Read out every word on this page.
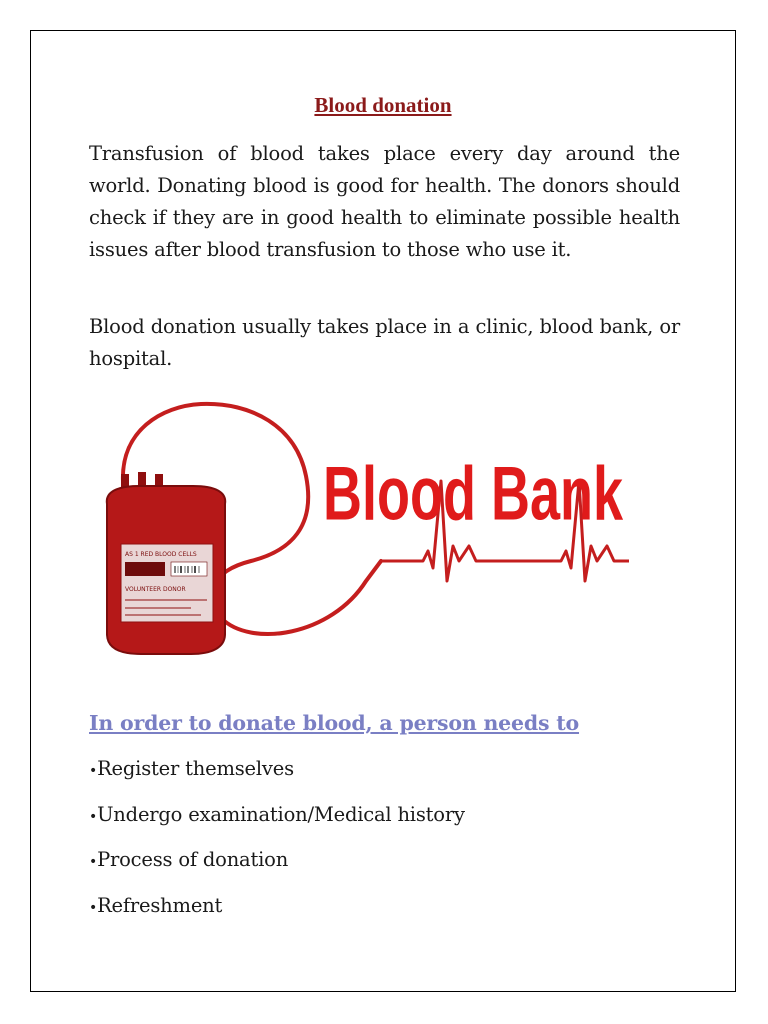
Blood donation

Transfusion of blood takes place every day around the world. Donating blood is good for health. The donors should check if they are in good health to eliminate possible health issues after blood transfusion to those who use it.

Blood donation usually takes place in a clinic, blood bank, or hospital.

AS 1 RED BLOOD CELLS
VOLUNTEER DONOR
Blood Bank
In order to donate blood, a person needs to
•Register themselves
•Undergo examination/Medical history
•Process of donation
•Refreshment
